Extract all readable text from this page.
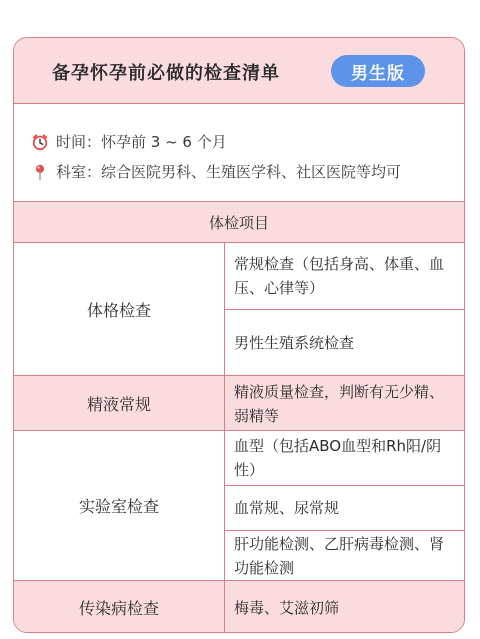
备孕怀孕前必做的检查清单	男生版
时间：怀孕前 3 ~ 6 个月
科室：综合医院男科、生殖医学科、社区医院等均可
体检项目
体格检查
常规检查（包括身高、体重、血压、心律等）
男性生殖系统检查
精液常规
精液质量检查，判断有无少精、弱精等
实验室检查
血型（包括ABO血型和Rh阳/阴性）
血常规、尿常规
肝功能检测、乙肝病毒检测、肾功能检测
传染病检查	梅毒、艾滋初筛
